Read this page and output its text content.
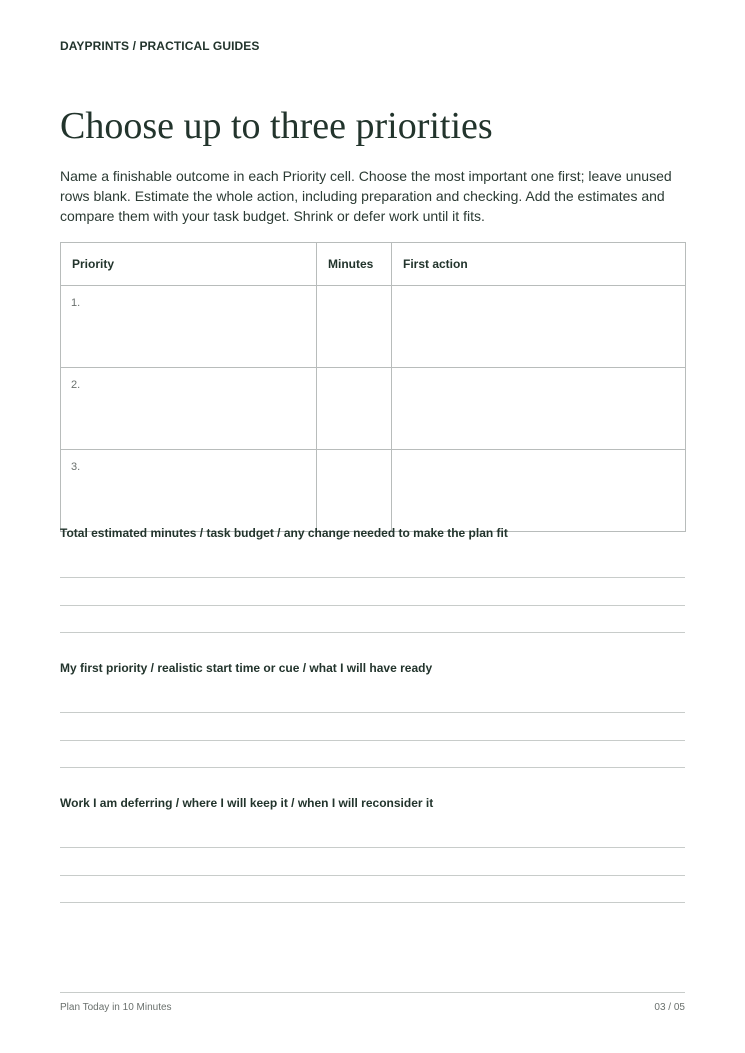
DAYPRINTS / PRACTICAL GUIDES
Choose up to three priorities

Name a finishable outcome in each Priority cell. Choose the most important one first; leave unused rows blank. Estimate the whole action, including preparation and checking. Add the estimates and compare them with your task budget. Shrink or defer work until it fits.

Priority	Minutes	First action
1.		
2.		
3.		
Total estimated minutes / task budget / any change needed to make the plan fit
My first priority / realistic start time or cue / what I will have ready
Work I am deferring / where I will keep it / when I will reconsider it
Plan Today in 10 Minutes	03 / 05
